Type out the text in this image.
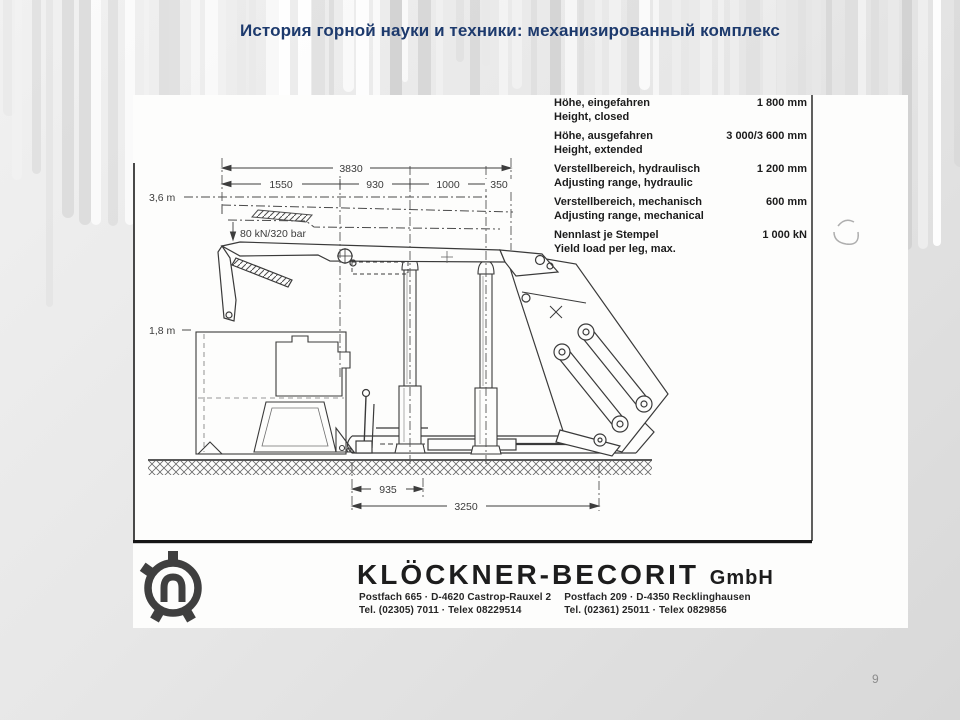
История горной науки и техники: механизированный комплекс
Höhe, eingefahren	1 800 mm
Height, closed
Höhe, ausgefahren	3 000/3 600 mm
Height, extended
Verstellbereich, hydraulisch	1 200 mm
Adjusting range, hydraulic
Verstellbereich, mechanisch	600 mm
Adjusting range, mechanical
Nennlast je Stempel	1 000 kN
Yield load per leg, max.
3830
1550	930	1000	350
935
3250
3,6 m
1,8 m
80 kN/320 bar
KLÖCKNER-BECORIT GmbH
Postfach 665 · D-4620 Castrop-Rauxel 2
Tel. (02305) 7011 · Telex 08229514
Postfach 209 · D-4350 Recklinghausen
Tel. (02361) 25011 · Telex 0829856
9
